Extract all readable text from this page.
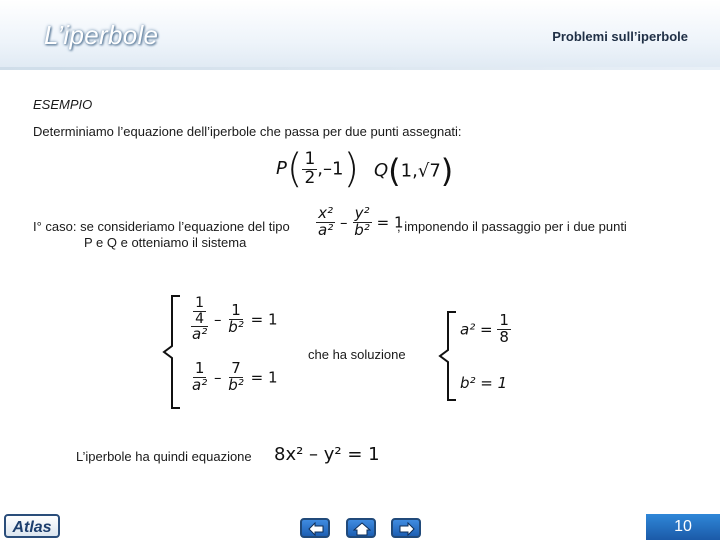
L’iperbole	Problemi sull’iperbole
ESEMPIO
Determiniamo l’equazione dell’iperbole che passa per due punti assegnati:
$P( \frac{1}{2} ,-1)$ Q(1,√7)
I° caso: se consideriamo l’equazione del tipo $\frac{\text{x²}}{\text{a²}} - \frac{\text{y²}}{\text{b²}} = 1$
, imponendo il passaggio per i due punti
P e Q e otteniamo il sistema
$\frac{\frac{1}{4}}{\text{a²}} - \frac{1}{\text{b²}} = 1$
$\frac{1}{\text{a²}} - \frac{7}{\text{b²}} = 1$
che ha soluzione
$a^2 = \frac{1}{8}$
b² = 1
L’iperbole ha quindi equazione 8x² – y² = 1
Atlas	10
